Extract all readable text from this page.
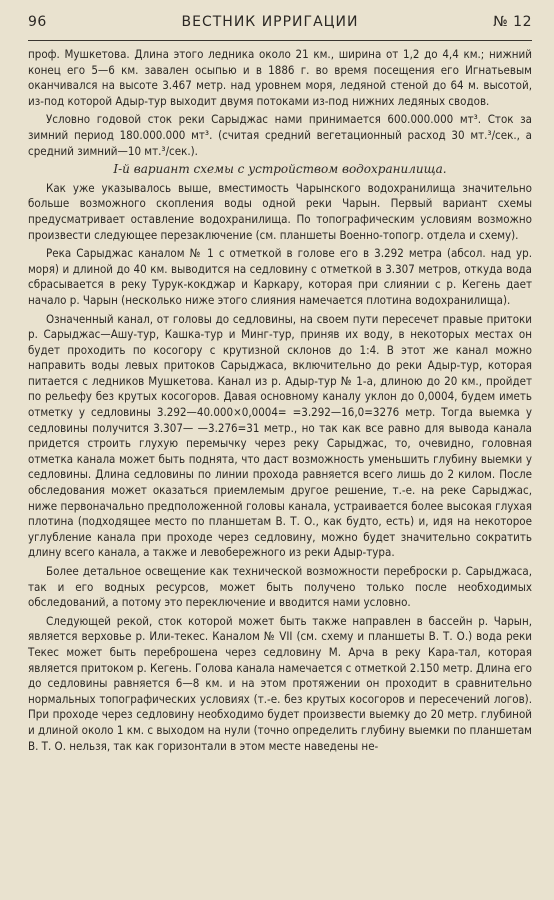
96	ВЕСТНИК ИРРИГАЦИИ	№ 12

проф. Мушкетова. Длина этого ледника около 21 км., ширина от 1,2 до 4,4 км.; нижний конец его 5—6 км. завален осыпью и в 1886 г. во время посещения его Игнатьевым оканчивался на высоте 3.467 метр. над уровнем моря, ледяной стеной до 64 м. высотой, из-под которой Адыр-тур выходит двумя потоками из-под нижних ледяных сводов.

Условно годовой сток реки Сарыджас нами принимается 600.000.000 мт³. Сток за зимний период 180.000.000 мт³. (считая средний вегетационный расход 30 мт.³/сек., а средний зимний—10 мт.³/сек.).

I-й вариант схемы с устройством водохранилища.

Как уже указывалось выше, вместимость Чарынского водохранилища значительно больше возможного скопления воды одной реки Чарын. Первый вариант схемы предусматривает оставление водохранилища. По топографическим условиям возможно произвести следующее перезаключение (см. планшеты Военно-топогр. отдела и схему).

Река Сарыджас каналом № 1 с отметкой в голове его в 3.292 метра (абсол. над ур. моря) и длиной до 40 км. выводится на седловину с отметкой в 3.307 метров, откуда вода сбрасывается в реку Турук-кокджар и Каркару, которая при слиянии с р. Кегень дает начало р. Чарын (несколько ниже этого слияния намечается плотина водохранилища).

Означенный канал, от головы до седловины, на своем пути пересечет правые притоки р. Сарыджас—Ашу-тур, Кашка-тур и Минг-тур, приняв их воду, в некоторых местах он будет проходить по косогору с крутизной склонов до 1:4. В этот же канал можно направить воды левых притоков Сарыджаса, включительно до реки Адыр-тур, которая питается с ледников Мушкетова. Канал из р. Адыр-тур № 1-а, длиною до 20 км., пройдет по рельефу без крутых косогоров. Давая основному каналу уклон до 0,0004, будем иметь отметку у седловины 3.292—40.000×0,0004= =3.292—16,0=3276 метр. Тогда выемка у седловины получится 3.307— —3.276=31 метр., но так как все равно для вывода канала придется строить глухую перемычку через реку Сарыджас, то, очевидно, головная отметка канала может быть поднята, что даст возможность уменьшить глубину выемки у седловины. Длина седловины по линии прохода равняется всего лишь до 2 килом. После обследования может оказаться приемлемым другое решение, т.-е. на реке Сарыджас, ниже первоначально предположенной головы канала, устраивается более высокая глухая плотина (подходящее место по планшетам В. Т. О., как будто, есть) и, идя на некоторое углубление канала при проходе через седловину, можно будет значительно сократить длину всего канала, а также и левобережного из реки Адыр-тура.

Более детальное освещение как технической возможности переброски р. Сарыджаса, так и его водных ресурсов, может быть получено только после необходимых обследований, а потому это переключение и вводится нами условно.

Следующей рекой, сток которой может быть также направлен в бассейн р. Чарын, является верховье р. Или-текес. Каналом № VII (см. схему и планшеты В. Т. О.) вода реки Текес может быть переброшена через седловину М. Арча в реку Кара-тал, которая является притоком р. Кегень. Голова канала намечается с отметкой 2.150 метр. Длина его до седловины равняется 6—8 км. и на этом протяжении он проходит в сравнительно нормальных топографических условиях (т.-е. без крутых косогоров и пересечений логов). При проходе через седловину необходимо будет произвести выемку до 20 метр. глубиной и длиной около 1 км. с выходом на нули (точно определить глубину выемки по планшетам В. Т. О. нельзя, так как горизонтали в этом месте наведены не-
